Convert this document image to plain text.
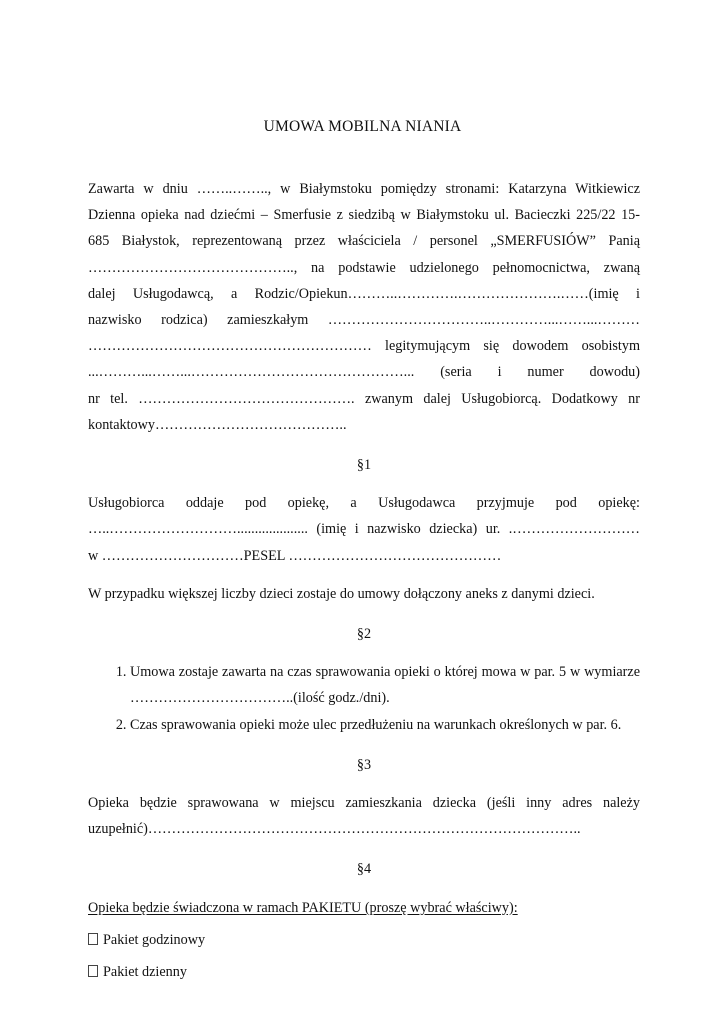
UMOWA MOBILNA NIANIA

Zawarta w dniu ……..…….., w Białymstoku pomiędzy stronami: Katarzyna Witkiewicz
Dzienna opieka nad dziećmi – Smerfusie z siedzibą w Białymstoku ul. Bacieczki 225/22 15-
685 Białystok, reprezentowaną przez właściciela / personel „SMERFUSIÓW” Panią
…………………………………….., na podstawie udzielonego pełnomocnictwa, zwaną
dalej Usługodawcą, a Rodzic/Opiekun………..………….………………….……(imię i
nazwisko rodzica) zamieszkałym ……………………………..…………...……...………
…………………………………………………… legitymującym się dowodem osobistym
...………...……...………………………………………... (seria i numer dowodu)
nr tel. ………………………………………. zwanym dalej Usługobiorcą. Dodatkowy nr
kontaktowy…………………………………..

§1

Usługobiorca oddaje pod opiekę, a Usługodawca przyjmuje pod opiekę:
…..……………………….................... (imię i nazwisko dziecka) ur. .………………………
w …………………………PESEL ………………………………………

W przypadku większej liczby dzieci zostaje do umowy dołączony aneks z danymi dzieci.

§2

1. Umowa zostaje zawarta na czas sprawowania opieki o której mowa w par. 5 w wymiarze ……………………………..(ilość godz./dni).
2. Czas sprawowania opieki może ulec przedłużeniu na warunkach określonych w par. 6.

§3

Opieka będzie sprawowana w miejscu zamieszkania dziecka (jeśli inny adres należy
uzupełnić)………………………………………………………………………………..

§4

Opieka będzie świadczona w ramach PAKIETU (proszę wybrać właściwy):

Pakiet godzinowy
Pakiet dzienny
